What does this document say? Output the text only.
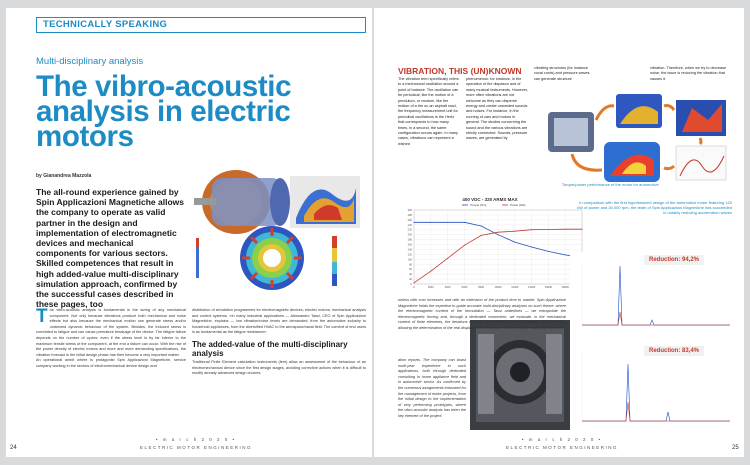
TECHNICALLY SPEAKING
Multi-disciplinary analysis
The vibro-acoustic analysis in electric motors
by Gianandrea Mazzola
The all-round experience gained by Spin Applicazioni Magnetiche allows the company to operate as valid partner in the design and implementation of electromagnetic devices and mechanical components for various sectors. Skilled competences that result in high added-value multi-disciplinary simulation approach, confirmed by the successful cases described in these pages, too
The vibro-acoustic analysis is fundamental in the sizing of any mechanical component. Not only because vibrations produce both mechanical and noise effects but also because the mechanical motion can generate stress and/or undesired dynamic behaviour of the system. Besides, the induced stress is correlated to fatigue and can cause premature breakage of the device. The fatigue failure depends on the number of cycles: even if the stress level is by far inferior to the maximum tensile stress of the component, at the end a failure can occur. With the rise of the power density of electric motors and more and more demanding specifications, the vibration forecast in the initial design phase has then become a very important matter.
An operational ambit where is protagonist Spin Applicazioni Magnetiche, service company working in the sectors of electromechanical device design and
distribution of simulation programmes for electromagnetic devices, electric motors, mechanical analysis and control systems. «In many industrial applications — Alessandro Tassi, CEO of Spin Applicazioni Magnetiche, explains — low vibration/noise levels are demanded: from the automotive industry to household appliances, from the diversified HVAC to the aerospace/naval field. The comfort of end users is as fundamental as the fatigue resistance».
The added-value of the multi-disciplinary analysis
Traditional Finite Element calculation instruments (fem) allow an assessment of the behaviour of an electromechanical device since the first design stages, avoiding corrective actions when it is difficult to modify already advanced design choices.
24
• m a r c h 2 0 2 0 •
ELECTRIC MOTOR ENGINEERING
VIBRATION, THIS (UN)KNOWN
The vibration term specifically refers to a mechanical oscillation around a point of balance. The oscillation can be periodical, like the motion of a pendulum, or random, like the motion of a tire on an asphalt road, the frequency measurement unit for periodical oscillations is the Hertz that corresponds to how many times, in a second, the same configuration occurs again. In many cases, vibrations can represent a wished
phenomenon: for instance, in the operation of the diapason and of many musical instruments. However, more often vibrations are not welcome as they can disperse energy and create unwanted sounds and noises. For instance, in the running of cars and motors in general. The studies concerning the sound and the various vibrations are strictly connected. Sounds, pressure waves, are generated by
vibrating structures (for instance vocal cords) and pressure waves can generate structure
vibration. Therefore, when we try to decrease noise, the issue is reducing the vibration that causes it.
400 VDC - 320 ARMS MAX
Torque [Nm]	Power [kW]
0
20
40
60
80
100
120
140
160
180
200
220
240
260
280
300
0	2000	4000	6000	8000	10000	12000	14000	16000	18000
Torque/power performance of the motor for automotive
In comparison with the first hypothesized design of the automotive motor featuring 120 kW of power and 30.000 rpm, the team of Spin Applicazioni Magnetiche has succeeded in notably reducing acceleration waves
Reduction: 94,2%
Reduction: 83,4%
unless with cost increases and with an extension of the product time to market. Spin Applicazioni Magnetiche holds the expertise to guide accurate multi-disciplinary analyses on such theme: where the electromagnetic content of the formulation — Tassi underlines — we extrapolate the electromagnetic forcing and, through a dedicated connection, we evaluate, in the mechanical context of finite elements, the iterations with the mechanical structure equipped with the motor, allowing the determination of the real displacement of all parts, and eventually analysing noise with
ation reports. The company can boast multi-year experience in such applications, both through dedicated consulting in home appliance field and in automotive sector. As confirmed by the numerous assignments entrusted for the management of entire projects, from the initial design to the implementation of very performing prototypes, where the vibro-acoustic analysis has been the key element of the project.
25
• m a r c h 2 0 2 0 •
ELECTRIC MOTOR ENGINEERING
